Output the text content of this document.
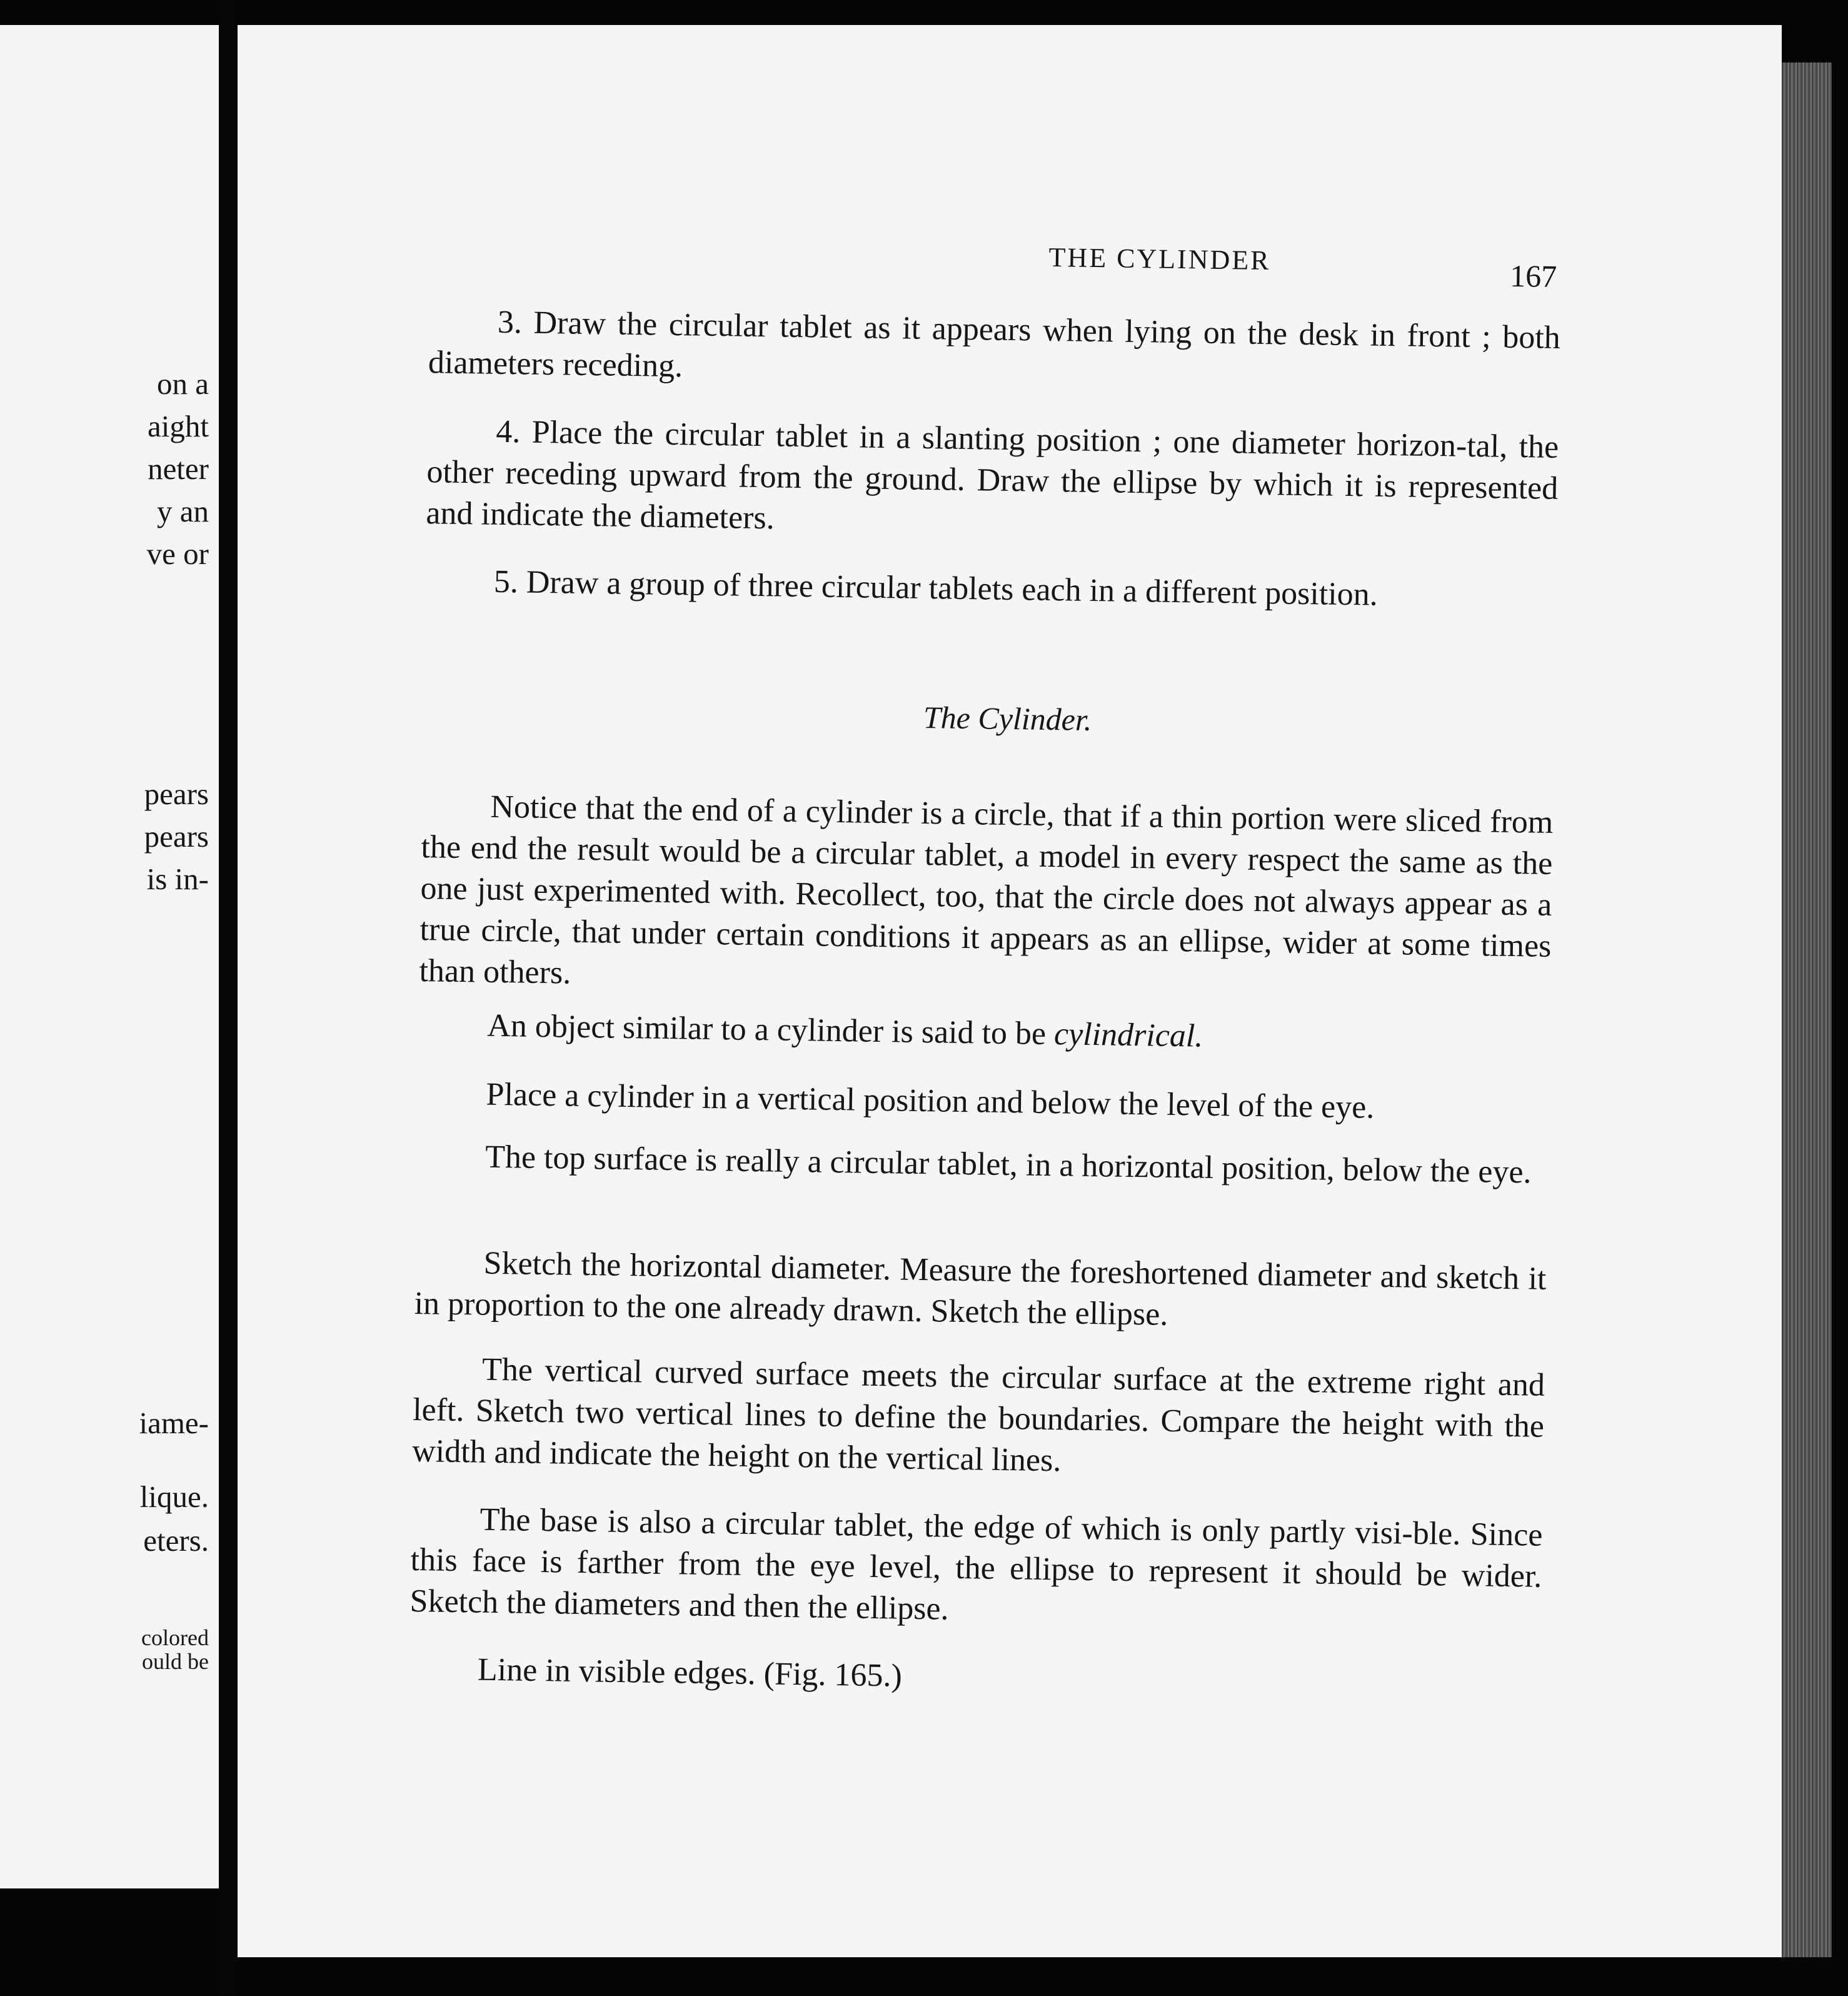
on a

aight

neter

y an

ve or

pears

pears

is in-

iame-

lique.

eters.

colored

ould be

THE CYLINDER	167

3. Draw the circular tablet as it appears when lying on the desk in front ; both diameters receding.

4. Place the circular tablet in a slanting position ; one diameter horizon-tal, the other receding upward from the ground. Draw the ellipse by which it is represented and indicate the diameters.

5. Draw a group of three circular tablets each in a different position.

The Cylinder.

Notice that the end of a cylinder is a circle, that if a thin portion were sliced from the end the result would be a circular tablet, a model in every respect the same as the one just experimented with. Recollect, too, that the circle does not always appear as a true circle, that under certain conditions it appears as an ellipse, wider at some times than others.

An object similar to a cylinder is said to be cylindrical.

Place a cylinder in a vertical position and below the level of the eye.

The top surface is really a circular tablet, in a horizontal position, below the eye.

Sketch the horizontal diameter. Measure the foreshortened diameter and sketch it in proportion to the one already drawn. Sketch the ellipse.

The vertical curved surface meets the circular surface at the extreme right and left. Sketch two vertical lines to define the boundaries. Compare the height with the width and indicate the height on the vertical lines.

The base is also a circular tablet, the edge of which is only partly visi-ble. Since this face is farther from the eye level, the ellipse to represent it should be wider. Sketch the diameters and then the ellipse.

Line in visible edges. (Fig. 165.)
